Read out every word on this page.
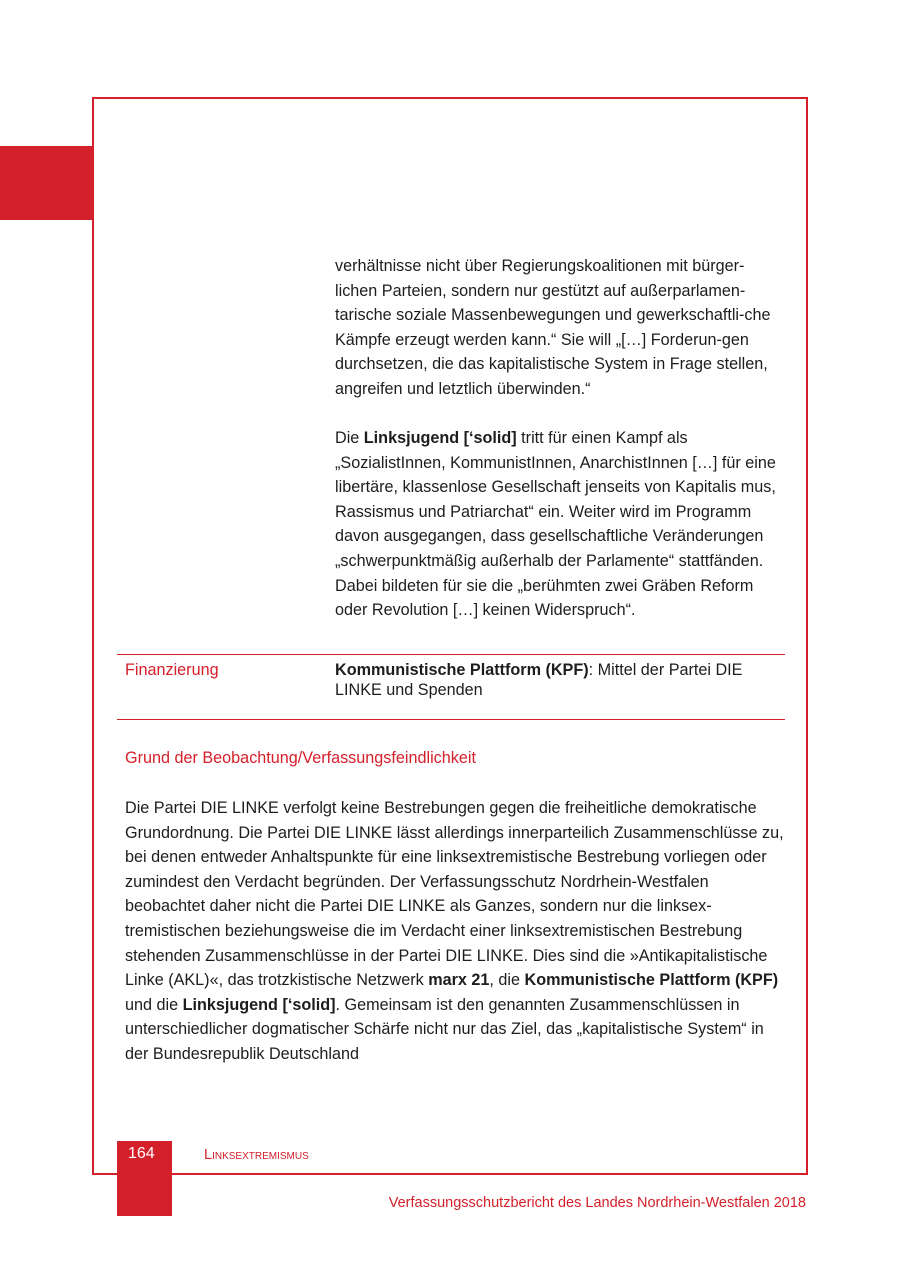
verhältnisse nicht über Regierungskoalitionen mit bürger-lichen Parteien, sondern nur gestützt auf außerparlamen-tarische soziale Massenbewegungen und gewerkschaftli-che Kämpfe erzeugt werden kann.“ Sie will „[…] Forderun-gen durchsetzen, die das kapitalistische System in Frage stellen, angreifen und letztlich überwinden.“

Die Linksjugend [‘solid] tritt für einen Kampf als „SozialistInnen, KommunistInnen, AnarchistInnen […] für eine libertäre, klassenlose Gesellschaft jenseits von Kapitalis mus, Rassismus und Patriarchat“ ein. Weiter wird im Programm davon ausgegangen, dass gesellschaftliche Veränderungen „schwerpunktmäßig außerhalb der Parlamente“ stattfänden. Dabei bildeten für sie die „berühmten zwei Gräben Reform oder Revolution […] keinen Widerspruch“.

Finanzierung	Kommunistische Plattform (KPF): Mittel der Partei DIE LINKE und Spenden

Grund der Beobachtung/Verfassungsfeindlichkeit

Die Partei DIE LINKE verfolgt keine Bestrebungen gegen die freiheitliche demokratische Grundordnung. Die Partei DIE LINKE lässt allerdings innerparteilich Zusammenschlüsse zu, bei denen entweder Anhaltspunkte für eine linksextremistische Bestrebung vorliegen oder zumindest den Verdacht begründen. Der Verfassungsschutz Nordrhein-Westfalen beobachtet daher nicht die Partei DIE LINKE als Ganzes, sondern nur die linksex- tremistischen beziehungsweise die im Verdacht einer linksextremistischen Bestrebung stehenden Zusammenschlüsse in der Partei DIE LINKE. Dies sind die »Antikapitalistische Linke (AKL)«, das trotzkistische Netzwerk marx 21, die Kommunistische Plattform (KPF) und die Linksjugend [‘solid]. Gemeinsam ist den genannten Zusammenschlüssen in unterschiedlicher dogmatischer Schärfe nicht nur das Ziel, das „kapitalistische System“ in der Bundesrepublik Deutschland

164	Linksextremismus
Verfassungsschutzbericht des Landes Nordrhein-Westfalen 2018
